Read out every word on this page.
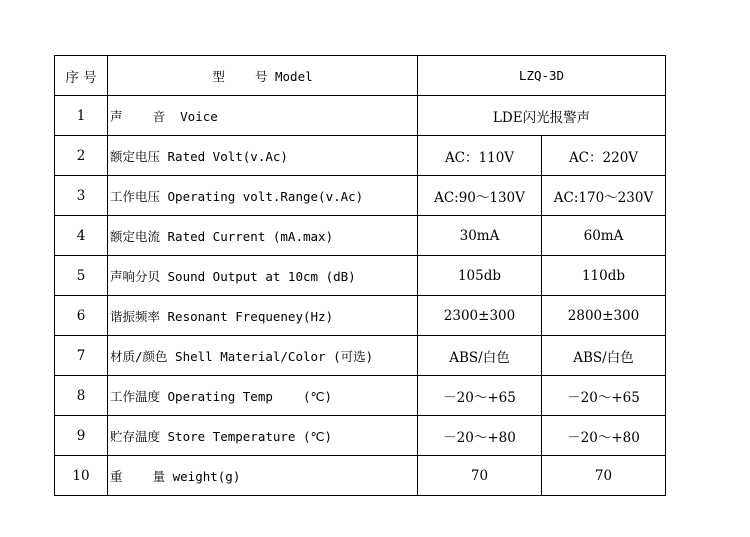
序 号	型    号 Model	LZQ-3D	
1	声    音  Voice	LDE闪光报警声	
2	额定电压 Rated Volt(v.Ac)	AC：110V	AC：220V
3	工作电压 Operating volt.Range(v.Ac)	AC:90～130V	AC:170～230V
4	额定电流 Rated Current (mA.max)	30mA	60mA
5	声响分贝 Sound Output at 10cm (dB)	105db	110db
6	谐振频率 Resonant Frequeney(Hz)	2300±300	2800±300
7	材质/颜色 Shell Material/Color (可选)	ABS/白色	ABS/白色
8	工作温度 Operating Temp    (℃)	－20～+65	－20～+65
9	贮存温度 Store Temperature (℃)	－20～+80	－20～+80
10	重    量 weight(g)	70	70
